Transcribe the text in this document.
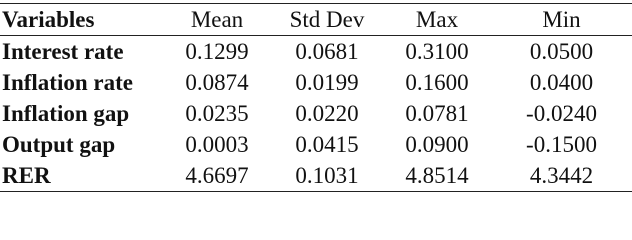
Variables	Mean	Std Dev	Max	Min
Interest rate	0.1299	0.0681	0.3100	0.0500
Inflation rate	0.0874	0.0199	0.1600	0.0400
Inflation gap	0.0235	0.0220	0.0781	-0.0240
Output gap	0.0003	0.0415	0.0900	-0.1500
RER	4.6697	0.1031	4.8514	4.3442
